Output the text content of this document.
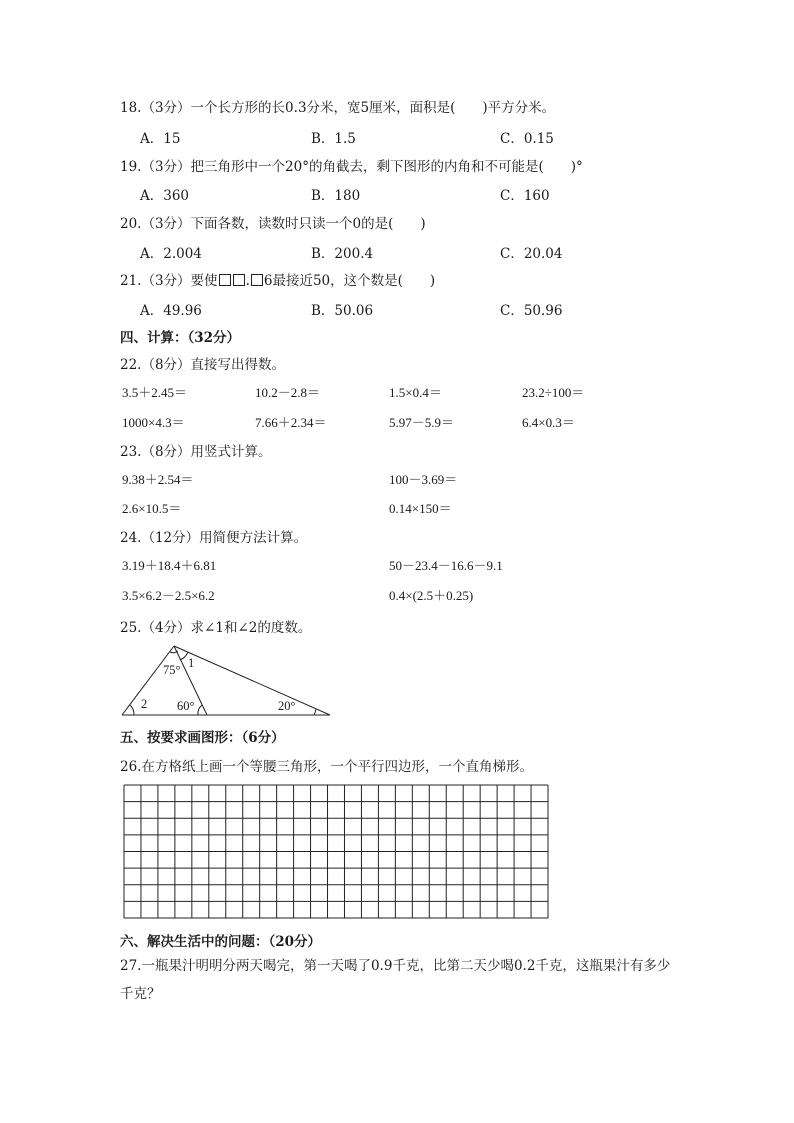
18.（3分）一个长方形的长0.3分米，宽5厘米，面积是(　　)平方分米。
A．15	B．1.5	C．0.15
19.（3分）把三角形中一个20°的角截去，剩下图形的内角和不可能是(　　)°
A．360	B．180	C．160
20.（3分）下面各数，读数时只读一个0的是(　　)
A．2.004	B．200.4	C．20.04
21.（3分）要使 . 6最接近50，这个数是(　　)
A．49.96	B．50.06	C．50.96
四、计算：（32分）
22.（8分）直接写出得数。
3.5＋2.45＝	10.2－2.8＝	1.5×0.4＝	23.2÷100＝
1000×4.3＝	7.66＋2.34＝	5.97－5.9＝	6.4×0.3＝
23.（8分）用竖式计算。
9.38＋2.54＝	100－3.69＝
2.6×10.5＝	0.14×150＝
24.（12分）用简便方法计算。
3.19＋18.4＋6.81	50－23.4－16.6－9.1
3.5×6.2－2.5×6.2	0.4×(2.5＋0.25)
25.（4分）求∠1和∠2的度数。
75° 1
2 60°	20°
五、按要求画图形：（6分）
26.在方格纸上画一个等腰三角形，一个平行四边形，一个直角梯形。
六、解决生活中的问题：（20分）
27.一瓶果汁明明分两天喝完，第一天喝了0.9千克，比第二天少喝0.2千克，这瓶果汁有多少千克？
